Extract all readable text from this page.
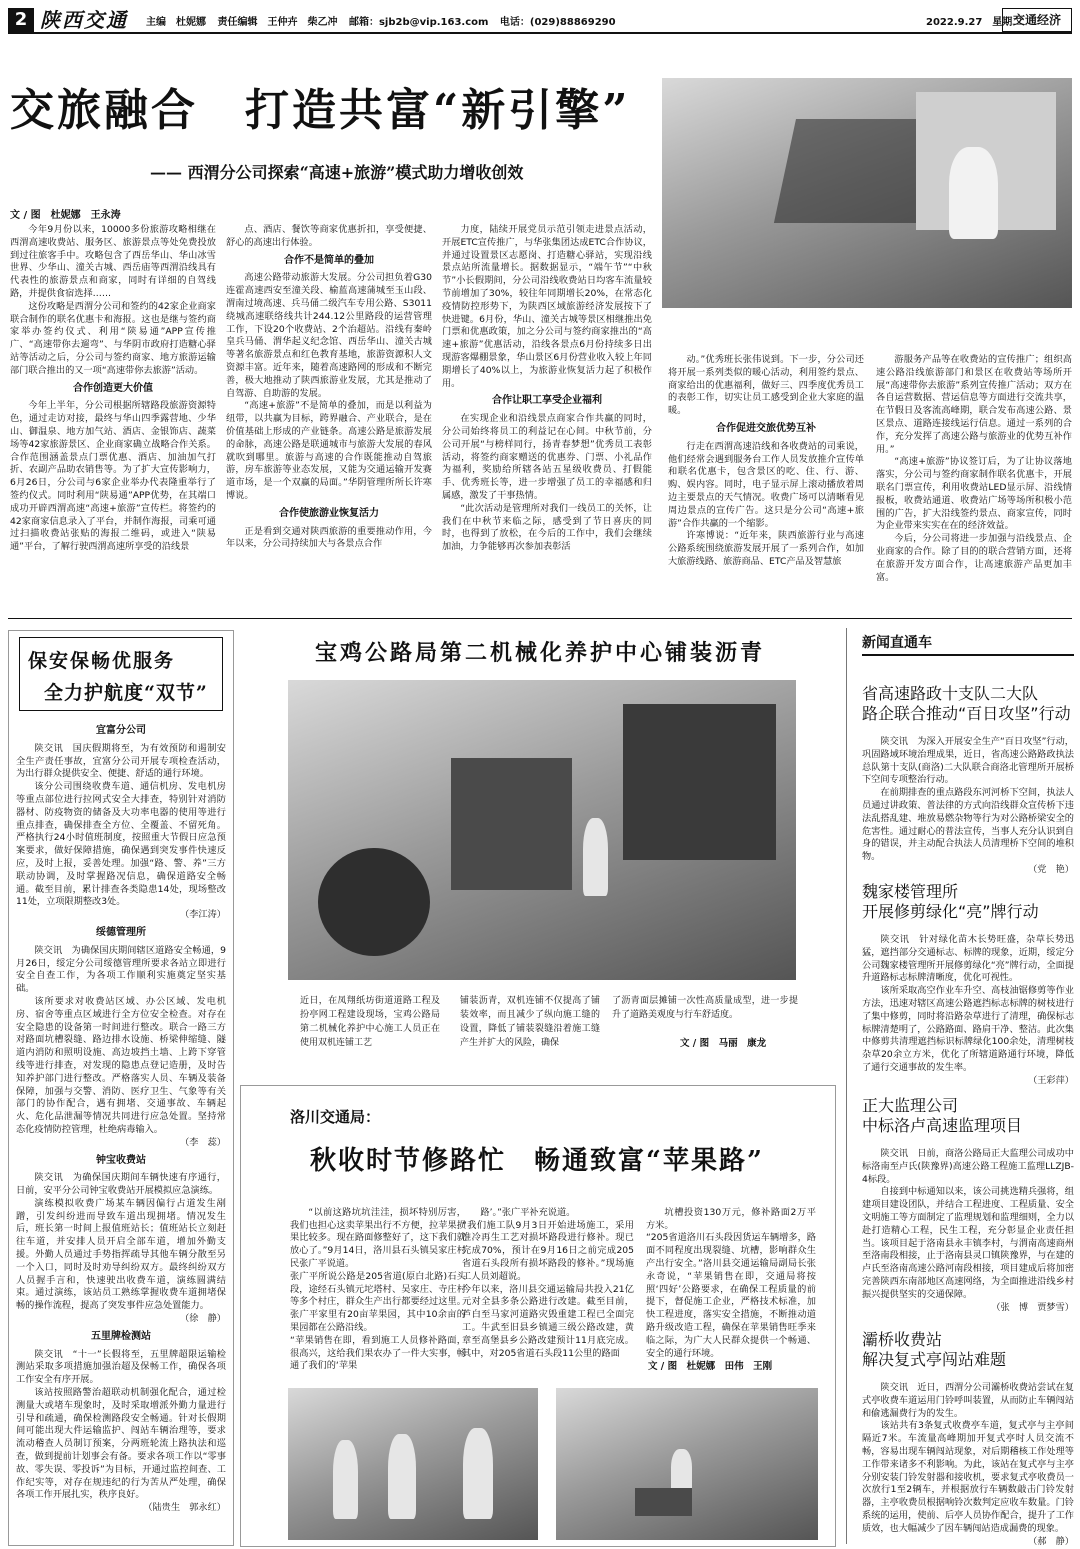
2 陕西交通 主编　杜妮娜 责任编辑　王仲卉　柴乙冲 邮箱：sjb2b@vip.163.com 电话：(029)88869290	2022.9.27　星期二
交通经济
交旅融合　打造共富“新引擎”
—— 西渭分公司探索“高速+旅游”模式助力增收创效
文 / 图　杜妮娜　王永涛

今年9月份以来，10000多份旅游攻略相继在西渭高速收费站、服务区、旅游景点等处免费投放到过往旅客手中。攻略包含了西岳华山、华山冰雪世界、少华山、潼关古城、西岳庙等西渭沿线具有代表性的旅游景点和商家，同时有详细的自驾线路，并提供食宿选择……

这份攻略是西渭分公司和签约的42家企业商家联合制作的联名优惠卡和海报。这也是继与签约商家举办签约仪式、利用“陕易通”APP宣传推广、“高速带你去遛弯”、与华阴市政府打造糖心驿站等活动之后，分公司与签约商家、地方旅游运输部门联合推出的又一项“高速带你去旅游”活动。

合作创造更大价值

今年上半年，分公司根据所辖路段旅游资源特色，通过走访对接，最终与华山四季露营地、少华山、御温泉、地方加气站、酒店、金银饰店、蔬菜场等42家旅游景区、企业商家确立战略合作关系。合作范围涵盖景点门票优惠、酒店、加油加气打折、农副产品助农销售等。为了扩大宣传影响力，6月26日，分公司与6家企业举办代表隆重举行了签约仪式。同时利用“陕易通”APP优势，在其端口成功开辟西渭高速“高速+旅游”宣传栏。将签约的42家商家信息录入了平台，并制作海报，司乘可通过扫描收费站张贴的海报二维码，或进入“陕易通”平台，了解行驶西渭高速所享受的沿线景

点、酒店、餐饮等商家优惠折扣，享受便捷、舒心的高速出行体验。

合作不是简单的叠加

高速公路带动旅游大发展。分公司担负着G30连霍高速西安至潼关段、榆蓝高速蒲城至玉山段、渭南过境高速、兵马俑二级汽车专用公路、S3011绕城高速联络线共计244.12公里路段的运营管理工作，下设20个收费站、2个治超站。沿线有秦岭皇兵马俑、渭华起义纪念馆、西岳华山、潼关古城等著名旅游景点和红色教育基地，旅游资源积人文资源丰富。近年来，随着高速路网的形成和不断完善，极大地推动了陕西旅游业发展，尤其是推动了自驾游、自助游的发展。

“高速+旅游”不是简单的叠加，而是以利益为纽带，以共赢为目标，跨界融合、产业联合，是在价值基础上形成的产业链条。高速公路是旅游发展的命脉，高速公路是联通城市与旅游大发展的春风就吹到哪里。旅游与高速的合作既能推动自驾旅游，房车旅游等业态发展，又能为交通运输开发赛道市场，是一个双赢的局面。”华阴管理所所长许寒博说。

合作使旅游业恢复活力

正是看到交通对陕西旅游的重要推动作用，今年以来，分公司持续加大与各景点合作

力度，陆续开展党员示范引领走进景点活动，开展ETC宣传推广，与华张集团达成ETC合作协议，并通过设置景区志愿岗、打造糖心驿站，实现沿线景点站所流量增长。据数据显示，“端午节”“中秋节”小长假期间，分公司沿线收费站日均客车流量较节前增加了30%，较往年同期增长20%，在常态化疫情防控形势下，为陕西区域旅游经济发展按下了快进键。6月份，华山、潼关古城等景区相继推出免门票和优惠政策，加之分公司与签约商家推出的“高速+旅游”优惠活动，沿线各景点6月份持续多日出现游客爆棚景象，华山景区6月份营业收入较上年同期增长了40%以上，为旅游业恢复活力起了积极作用。

合作让职工享受企业福利

在实现企业和沿线景点商家合作共赢的同时，分公司始终将员工的利益记在心间。中秋节前，分公司开展“与榜样同行，扬青春梦想”优秀员工表彰活动，将签约商家赠送的优惠券、门票、小礼品作为福利，奖励给所辖各站五星级收费员、打假能手、优秀班长等，进一步增强了员工的幸福感和归属感，激发了干事热情。

“此次活动是管理所对我们一线员工的关怀，让我们在中秋节来临之际，感受到了节日喜庆的同时，也得到了放松，在今后的工作中，我们会继续加油，力争能够再次参加表彰活

动。”优秀班长张伟说到。下一步，分公司还将开展一系列类似的暖心活动，利用签约景点、商家给出的优惠福利，做好三、四季度优秀员工的表彰工作，切实让员工感受到企业大家庭的温暖。

合作促进交旅优势互补

行走在西渭高速沿线和各收费站的司乘说，他们经常会遇到服务台工作人员发放推介宣传单和联名优惠卡，包含景区的吃、住、行、游、购、娱内容。同时，电子显示屏上滚动播放着周边主要景点的天气情况。收费广场可以清晰看见周边景点的宣传广告。这只是分公司“高速+旅游”合作共赢的一个缩影。

许寒博说：“近年来，陕西旅游行业与高速公路系统围绕旅游发展开展了一系列合作，如加大旅游线路、旅游商品、ETC产品及智慧旅

游服务产品等在收费站的宣传推广；组织高速公路沿线旅游部门和景区在收费站等场所开展“高速带你去旅游”系列宣传推广活动；双方在各自运营数据、营运信息等方面进行交流共享，在节假日及客流高峰期，联合发布高速公路、景区景点、道路连接线运行信息。通过一系列的合作，充分发挥了高速公路与旅游业的优势互补作用。”

“高速+旅游”协议签订后，为了让协议落地落实，分公司与签约商家制作联名优惠卡，开展联名门票宣传，利用收费站LED显示屏、沿线情报板，收费站通道、收费站广场等场所积极小范围的广告，扩大沿线签约景点、商家宣传，同时为企业带来实实在在的经济效益。

今后，分公司将进一步加强与沿线景点、企业商家的合作。除了目的的联合营销方面，还将在旅游开发方面合作，让高速旅游产品更加丰富。

保安保畅优服务
全力护航度“双节”
宜富分公司

陕交讯　国庆假期将至，为有效预防和遏制安全生产责任事故，宜富分公司开展专项检查活动，为出行群众提供安全、便捷、舒适的通行环境。

该分公司围绕收费车道、通信机房、发电机房等重点部位进行拉网式安全大排查，特别针对消防器材、防疫物资的储备及大功率电器的使用等进行重点排查，确保排查全方位、全覆盖、不留死角。严格执行24小时值班制度，按照重大节假日应急预案要求，做好保障措施，确保遇到突发事件快速反应，及时上报，妥善处理。加强“路、警、养”三方联动协调，及时掌握路况信息，确保道路安全畅通。截至目前，累计排查各类隐患14处，现场整改11处，立项限期整改3处。

（李江涛）
绥德管理所

陕交讯　为确保国庆期间辖区道路安全畅通，9月26日，绥定分公司绥德管理所要求各站立即进行安全自查工作，为各项工作顺利实施奠定坚实基础。

该所要求对收费站区域、办公区域、发电机房、宿舍等重点区域进行全方位安全检查。对存在安全隐患的设备第一时间进行整改。联合一路三方对路面坑槽裂缝、路边排水设施、桥梁伸缩缝、隧道内消防和照明设施、高边坡挡土墙、上跨下穿管线等进行排查，对发现的隐患点登记造册，及时告知养护部门进行整改。严格落实人员、车辆及装备保障，加强与交警、消防、医疗卫生、气象等有关部门的协作配合，遇有拥堵、交通事故、车辆起火、危化品泄漏等情况共同进行应急处置。坚持常态化疫情防控管理，杜绝病毒输入。

（李　蕊）
钟宝收费站

陕交讯　为确保国庆期间车辆快速有序通行，日前，安平分公司钟宝收费站开展模拟应急演练。

演练模拟收费广场某车辆因偏行占道发生剐蹭，引发纠纷进而导致车道出现拥堵。情况发生后，班长第一时间上报值班站长；值班站长立刻赶往车道，并安排人员开启全部车道，增加外勤支援。外勤人员通过手势指挥疏导其他车辆分散至另一个入口，同时及时劝导纠纷双方。最终纠纷双方人员握手言和，快速驶出收费车道，演练圆满结束。通过演练，该站员工熟练掌握收费车道拥堵保畅的操作流程，提高了突发事件应急处置能力。

（徐　静）
五里牌检测站

陕交讯　“十一”长假将至，五里牌超限运输检测站采取多项措施加强治超及保畅工作，确保各项工作安全有序开展。

该站按照路警治超联动机制强化配合，通过检测量大或堵车现象时，及时采取增派外勤力量进行引导和疏通，确保检测路段安全畅通。针对长假期间可能出现大件运输监护、闯站车辆治理等，要求流动稽查人员制订预案，分两班轮流上路执法和巡查，做到提前计划事会有备。要求各项工作以“零事故、零失误、零投诉”为目标，开通过监控间查、工作纪实等，对存在规违纪的行为苦从严处理，确保各项工作开展扎实，秩序良好。

（陆贵生　郭永红）
宝鸡公路局第二机械化养护中心铺装沥青
近日，在凤翔纸坊街道道路工程及扮亭网工程建设现场，宝鸡公路局第二机械化养护中心施工人员正在使用双机连铺工艺
铺装沥青，双机连铺不仅提高了铺装效率，而且减少了纵向施工缝的设置，降低了铺装裂缝沿着施工缝产生并扩大的风险，确保
了沥青面层摊铺一次性高质量成型，进一步提升了道路美观度与行车舒适度。
文 / 图　马丽　康龙
洛川交通局：
秋收时节修路忙　畅通致富“苹果路”

“以前这路坑坑洼洼，损坏特别厉害，我们也担心这卖苹果出行不方便，拉苹果损果比较多。现在路面修整好了，这下我们就放心了。”9月14日，洛川县石头镇吴家庄村民张广平说道。
张广平所说公路是205省道(原白北路)石头段，途经石头镇元坨塔村、吴家庄、寺庄村等多个村庄，群众生产出行都要经过这里。张广平家里有20亩苹果园，其中10余亩的果园都在公路沿线。
“苹果销售在即，看到施工人员修补路面，很高兴，这给我们果农办了一件大实事，畅通了我们的‘苹果

路’。”张广平补充说道。
“我们施工队9月3日开始进场施工，采用准冷再生工艺对损坏路段进行修补。现已完成70%，预计在9月16日之前完成205省道石头段所有损坏路段的修补。”现场施工人员刘超说。
今年以来，洛川县交通运输局共投入21亿元对全县多条公路进行改建。截至目前，芦白至马家河道路灾毁重建工程已全面完工。牛武至旧县乡镇通三级公路改建，黄章至高堡县乡公路改建预计11月底完成。其中，对205省道石头段11公里的路面

坑槽投资130万元，修补路面2万平方米。
“205省道洛川石头段因货运车辆增多，路面不同程度出现裂缝、坑槽，影响群众生产出行安全。”洛川县交通运输局副局长张永奇说，“苹果销售在即，交通局将按照‘四好’公路要求，在确保工程质量的前提下，督促施工企业，严格技术标准，加快工程进度，落实安全措施，不断推动道路升级改造工程，确保在苹果销售旺季来临之际，为广大人民群众提供一个畅通、安全的通行环境。

文 / 图　杜妮娜　田伟　王刚
新闻直通车
省高速路政十支队二大队
路企联合推动“百日攻坚”行动

陕交讯　为深入开展安全生产“百日攻坚”行动，巩固路域环境治理成果，近日，省高速公路路政执法总队第十支队(商洛)二大队联合商洛北管理所开展桥下空间专项整治行动。

在前期排查的重点路段东河河桥下空间，执法人员通过讲政策、普法律的方式向沿线群众宣传桥下违法乱搭乱建、堆放易燃杂物等行为对公路桥梁安全的危害性。通过耐心的普法宣传，当事人充分认识到自身的错误，并主动配合执法人员清理桥下空间的堆积物。

（党　艳）
魏家楼管理所
开展修剪绿化“亮”牌行动

陕交讯　针对绿化苗木长势旺盛，杂草长势迅猛，遮挡部分交通标志、标牌的现象，近期，绥定分公司魏家楼管理所开展修剪绿化“亮”牌行动，全面提升道路标志标牌清晰度，优化可视性。

该所采取高空作业车升空、高枝油锯修剪等作业方法，迅速对辖区高速公路遮挡标志标牌的树枝进行了集中修剪，同时将沿路杂草进行了清理，确保标志标牌清楚明了，公路路面、路肩干净、整洁。此次集中修剪共清理遮挡标识标牌绿化100余处，清理树枝杂草20余立方米，优化了所辖道路通行环境，降低了通行交通事故的发生率。

（王彩萍）
正大监理公司
中标洛卢高速监理项目

陕交讯　日前，商洛公路局正大监理公司成功中标洛南至卢氏(陕豫界)高速公路工程施工监理LLZJB-4标段。

自接到中标通知以来，该公司挑选精兵强将，组建项目建设团队，并结合工程进度、工程质量、安全文明施工等方面制定了监理规划和监理细则，全力以赴打造精心工程，民生工程，充分彰显企业责任担当。该项目起于洛南县永丰镇李村，与渭南高速商州至洛南段相接，止于洛南县灵口镇陕豫界，与在建的卢氏至洛南高速公路河南段相接，项目建成后将加密完善陕西东南部地区高速网络，为全面推进沿线乡村振兴提供坚实的交通保障。

（张　博　贾梦雪）
灞桥收费站
解决复式亭闯站难题

陕交讯　近日，西渭分公司灞桥收费站尝试在复式亭收费车道运用门铃呼叫装置，从而防止车辆闯站和偷逃漏费行为的发生。

该站共有3条复式收费亭车道，复式亭与主亭间隔近7米。车流量高峰期加开复式亭时人员交流不畅，容易出现车辆闯站现象，对后期稽核工作处理等工作带来诸多不利影响。为此，该站在复式亭与主亭分别安装门铃发射器和接收机，要求复式亭收费员一次放行1至2辆车，并根据放行车辆数敲击门铃发射器，主亭收费员根据响铃次数判定应收车数量。门铃系统的运用，使前、后亭人员协作配合，提升了工作质效，也大幅减少了因车辆闯站造成漏费的现象。

（郝　静）
